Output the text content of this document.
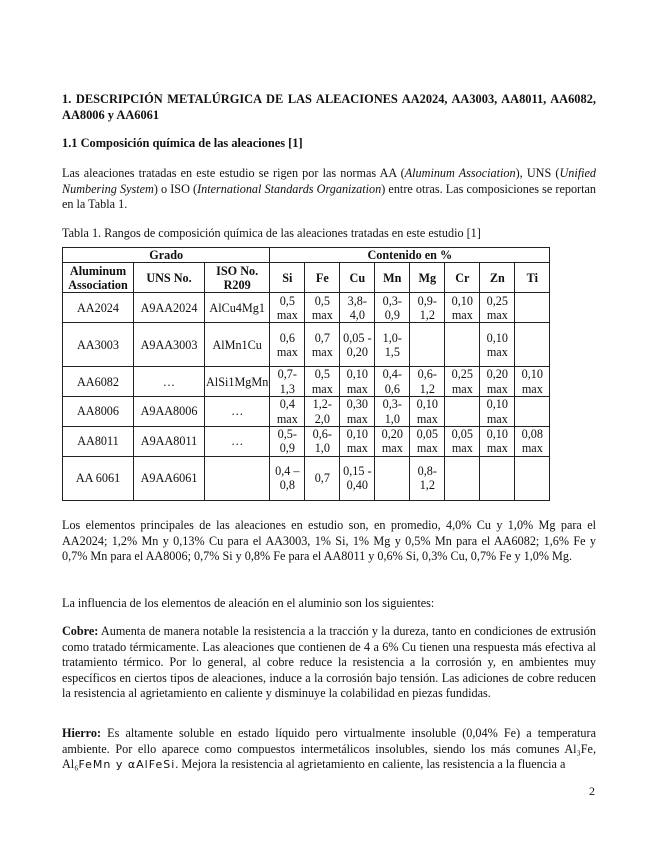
1. DESCRIPCIÓN METALÚRGICA DE LAS ALEACIONES AA2024, AA3003, AA8011, AA6082, AA8006 y AA6061
1.1 Composición química de las aleaciones [1]
Las aleaciones tratadas en este estudio se rigen por las normas AA (Aluminum Association), UNS (Unified Numbering System) o ISO (International Standards Organization) entre otras. Las composiciones se reportan en la Tabla 1.
Tabla 1. Rangos de composición química de las aleaciones tratadas en este estudio [1]
Grado			Contenido en %							
Aluminum Association	UNS No.	ISO No. R209	Si	Fe	Cu	Mn	Mg	Cr	Zn	Ti
AA2024	A9AA2024	AlCu4Mg1	0,5 max	0,5 max	3,8-4,0	0,3-0,9	0,9-1,2	0,10 max	0,25 max	
AA3003	A9AA3003	AlMn1Cu	0,6 max	0,7 max	0,05 - 0,20	1,0-1,5			0,10 max	
AA6082	…	AlSi1MgMn	0,7-1,3	0,5 max	0,10 max	0,4-0,6	0,6-1,2	0,25 max	0,20 max	0,10 max
AA8006	A9AA8006	…	0,4 max	1,2-2,0	0,30 max	0,3-1,0	0,10 max		0,10 max	
AA8011	A9AA8011	…	0,5-0,9	0,6-1,0	0,10 max	0,20 max	0,05 max	0,05 max	0,10 max	0,08 max
AA 6061	A9AA6061		0,4 – 0,8	0,7	0,15 - 0,40		0,8-1,2			
Los elementos principales de las aleaciones en estudio son, en promedio, 4,0% Cu y 1,0% Mg para el AA2024; 1,2% Mn y 0,13% Cu para el AA3003, 1% Si, 1% Mg y 0,5% Mn para el AA6082; 1,6% Fe y 0,7% Mn para el AA8006; 0,7% Si y 0,8% Fe para el AA8011 y 0,6% Si, 0,3% Cu, 0,7% Fe y 1,0% Mg.
La influencia de los elementos de aleación en el aluminio son los siguientes:
Cobre: Aumenta de manera notable la resistencia a la tracción y la dureza, tanto en condiciones de extrusión como tratado térmicamente. Las aleaciones que contienen de 4 a 6% Cu tienen una respuesta más efectiva al tratamiento térmico. Por lo general, al cobre reduce la resistencia a la corrosión y, en ambientes muy específicos en ciertos tipos de aleaciones, induce a la corrosión bajo tensión. Las adiciones de cobre reducen la resistencia al agrietamiento en caliente y disminuye la colabilidad en piezas fundidas.
Hierro: Es altamente soluble en estado líquido pero virtualmente insoluble (0,04% Fe) a temperatura ambiente. Por ello aparece como compuestos intermetálicos insolubles, siendo los más comunes Al₃Fe, Al₆FeMn y αAlFeSi. Mejora la resistencia al agrietamiento en caliente, las resistencia a la fluencia a
2
